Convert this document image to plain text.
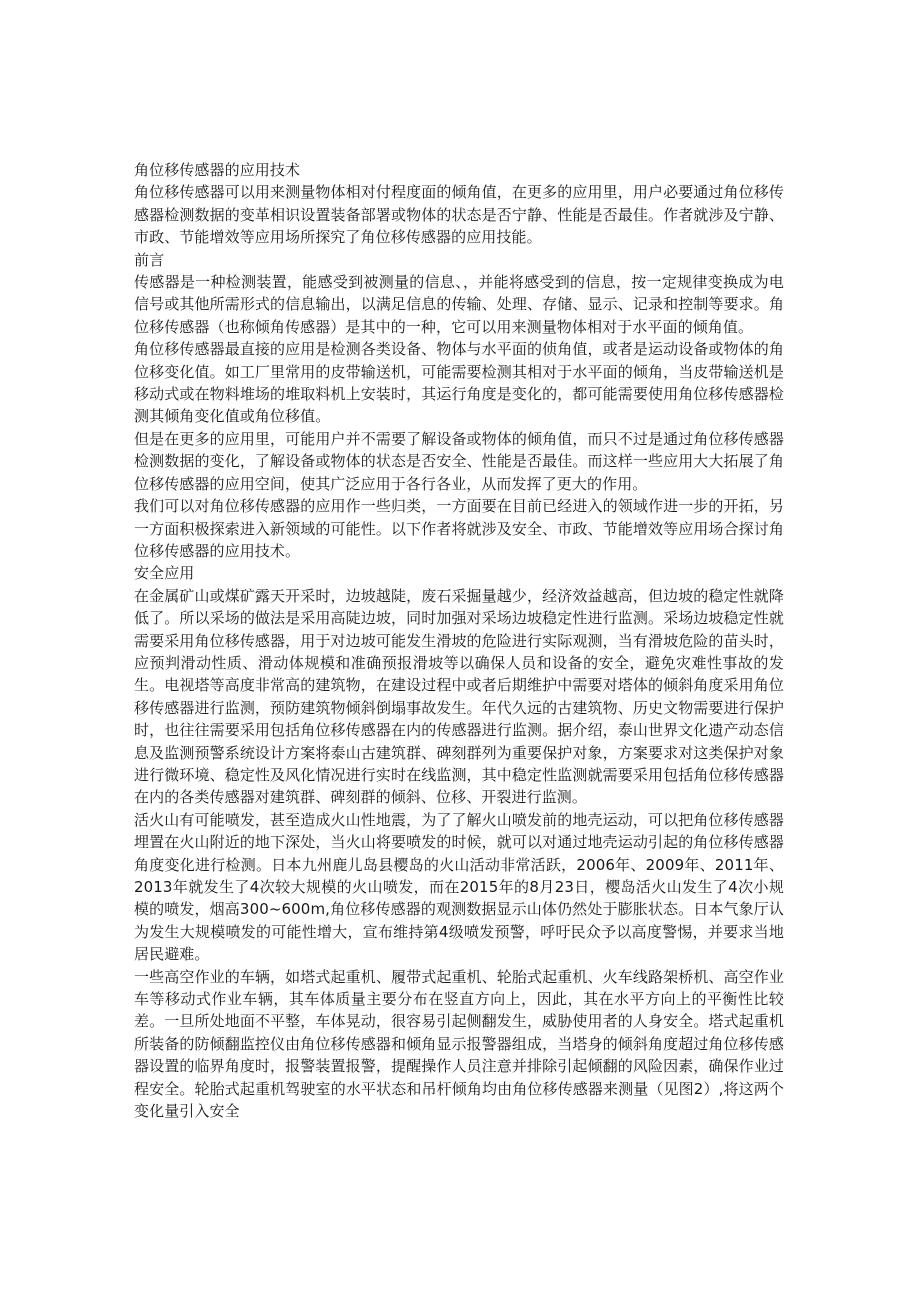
角位移传感器的应用技术

角位移传感器可以用来测量物体相对付程度面的倾角值，在更多的应用里，用户必要通过角位移传感器检测数据的变革相识设置装备部署或物体的状态是否宁静、性能是否最佳。作者就涉及宁静、市政、节能增效等应用场所探究了角位移传感器的应用技能。

前言

传感器是一种检测装置，能感受到被测量的信息、，并能将感受到的信息，按一定规律变换成为电信号或其他所需形式的信息输出，以满足信息的传输、处理、存储、显示、记录和控制等要求。角位移传感器（也称倾角传感器）是其中的一种，它可以用来测量物体相对于水平面的倾角值。

角位移传感器最直接的应用是检测各类设备、物体与水平面的侦角值，或者是运动设备或物体的角位移变化值。如工厂里常用的皮带输送机，可能需要检测其相对于水平面的倾角，当皮带输送机是移动式或在物料堆场的堆取料机上安装时，其运行角度是变化的，都可能需要使用角位移传感器检测其倾角变化值或角位移值。

但是在更多的应用里，可能用户并不需要了解设备或物体的倾角值，而只不过是通过角位移传感器检测数据的变化，了解设备或物体的状态是否安全、性能是否最佳。而这样一些应用大大拓展了角位移传感器的应用空间，使其广泛应用于各行各业，从而发挥了更大的作用。

我们可以对角位移传感器的应用作一些归类，一方面要在目前已经进入的领域作进一步的开拓，另一方面积极探索进入新领域的可能性。以下作者将就涉及安全、市政、节能增效等应用场合探讨角位移传感器的应用技术。

安全应用

在金属矿山或煤矿露天开采时，边坡越陡，废石采掘量越少，经济效益越高，但边坡的稳定性就降低了。所以采场的做法是采用高陡边坡，同时加强对采场边坡稳定性进行监测。采场边坡稳定性就需要采用角位移传感器，用于对边坡可能发生滑坡的危险进行实际观测，当有滑坡危险的苗头时，应预判滑动性质、滑动体规模和准确预报滑坡等以确保人员和设备的安全，避免灾难性事故的发生。电视塔等高度非常高的建筑物，在建设过程中或者后期维护中需要对塔体的倾斜角度采用角位移传感器进行监测，预防建筑物倾斜倒塌事故发生。年代久远的古建筑物、历史文物需要进行保护时，也往往需要采用包括角位移传感器在内的传感器进行监测。据介绍，泰山世界文化遗产动态信息及监测预警系统设计方案将泰山古建筑群、碑刻群列为重要保护对象，方案要求对这类保护对象进行微环境、稳定性及风化情况进行实时在线监测，其中稳定性监测就需要采用包括角位移传感器在内的各类传感器对建筑群、碑刻群的倾斜、位移、开裂进行监测。

活火山有可能喷发，甚至造成火山性地震，为了了解火山喷发前的地壳运动，可以把角位移传感器埋置在火山附近的地下深处，当火山将要喷发的时候，就可以对通过地壳运动引起的角位移传感器角度变化进行检测。日本九州鹿儿岛县樱岛的火山活动非常活跃，2006年、2009年、2011年、2013年就发生了4次较大规模的火山喷发，而在2015年的8月23日，樱岛活火山发生了4次小规模的喷发，烟高300~600m,角位移传感器的观测数据显示山体仍然处于膨胀状态。日本气象厅认为发生大规模喷发的可能性增大，宣布维持第4级喷发预警，呼吁民众予以高度警惕，并要求当地居民避难。

一些高空作业的车辆，如塔式起重机、履带式起重机、轮胎式起重机、火车线路架桥机、高空作业车等移动式作业车辆，其车体质量主要分布在竖直方向上，因此，其在水平方向上的平衡性比较差。一旦所处地面不平整，车体晃动，很容易引起侧翻发生，威胁使用者的人身安全。塔式起重机所装备的防倾翻监控仪由角位移传感器和倾角显示报警器组成，当塔身的倾斜角度超过角位移传感器设置的临界角度时，报警装置报警，提醒操作人员注意并排除引起倾翻的风险因素，确保作业过程安全。轮胎式起重机驾驶室的水平状态和吊杆倾角均由角位移传感器来测量（见图2）,将这两个变化量引入安全
